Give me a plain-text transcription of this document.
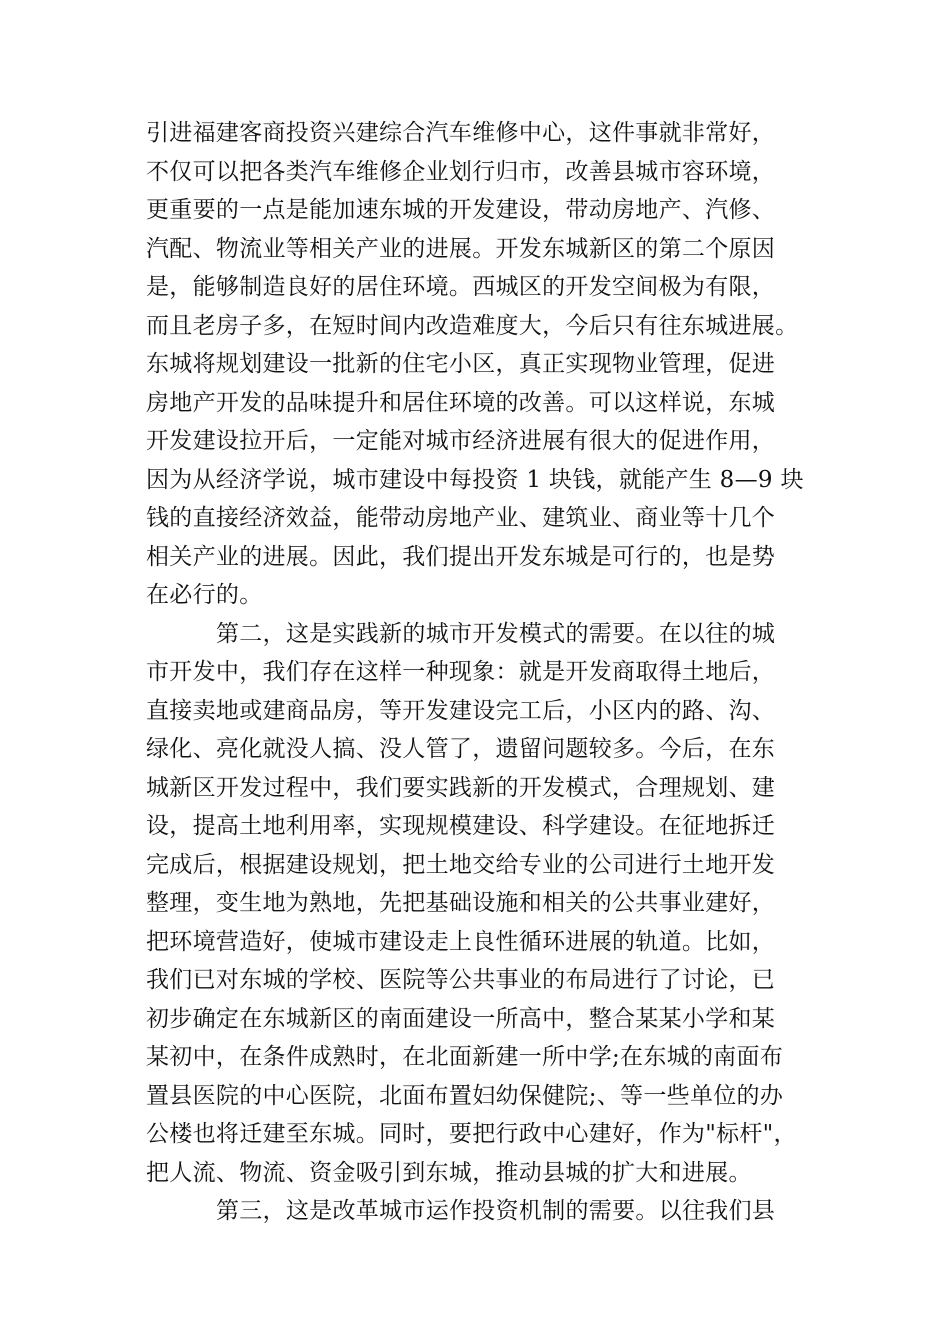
引进福建客商投资兴建综合汽车维修中心，这件事就非常好，
不仅可以把各类汽车维修企业划行归市，改善县城市容环境，
更重要的一点是能加速东城的开发建设，带动房地产、汽修、
汽配、物流业等相关产业的进展。开发东城新区的第二个原因
是，能够制造良好的居住环境。西城区的开发空间极为有限，
而且老房子多，在短时间内改造难度大，今后只有往东城进展。
东城将规划建设一批新的住宅小区，真正实现物业管理，促进
房地产开发的品味提升和居住环境的改善。可以这样说，东城
开发建设拉开后，一定能对城市经济进展有很大的促进作用，
因为从经济学说，城市建设中每投资 1 块钱，就能产生 8—9 块
钱的直接经济效益，能带动房地产业、建筑业、商业等十几个
相关产业的进展。因此，我们提出开发东城是可行的，也是势
在必行的。
第二，这是实践新的城市开发模式的需要。在以往的城
市开发中，我们存在这样一种现象：就是开发商取得土地后，
直接卖地或建商品房，等开发建设完工后，小区内的路、沟、
绿化、亮化就没人搞、没人管了，遗留问题较多。今后，在东
城新区开发过程中，我们要实践新的开发模式，合理规划、建
设，提高土地利用率，实现规模建设、科学建设。在征地拆迁
完成后，根据建设规划，把土地交给专业的公司进行土地开发
整理，变生地为熟地，先把基础设施和相关的公共事业建好，
把环境营造好，使城市建设走上良性循环进展的轨道。比如，
我们已对东城的学校、医院等公共事业的布局进行了讨论，已
初步确定在东城新区的南面建设一所高中，整合某某小学和某
某初中，在条件成熟时，在北面新建一所中学;在东城的南面布
置县医院的中心医院，北面布置妇幼保健院;、等一些单位的办
公楼也将迁建至东城。同时，要把行政中心建好，作为"标杆"，
把人流、物流、资金吸引到东城，推动县城的扩大和进展。
第三，这是改革城市运作投资机制的需要。以往我们县
